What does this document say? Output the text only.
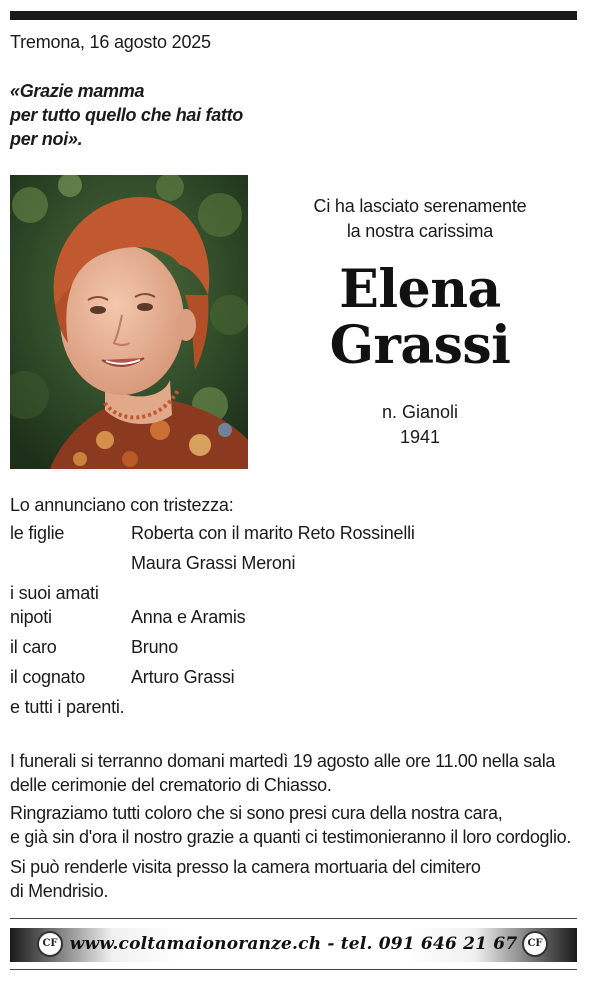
Tremona, 16 agosto 2025
«Grazie mamma
per tutto quello che hai fatto
per noi».
Ci ha lasciato serenamente
la nostra carissima
Elena
Grassi
n. Gianoli
1941
Lo annunciano con tristezza:
le figlie	Roberta con il marito Reto Rossinelli
Maura Grassi Meroni
i suoi amati
nipoti	Anna e Aramis
il caro	Bruno
il cognato	Arturo Grassi
e tutti i parenti.
I funerali si terranno domani martedì 19 agosto alle ore 11.00 nella sala
delle cerimonie del crematorio di Chiasso.
Ringraziamo tutti coloro che si sono presi cura della nostra cara,
e già sin d'ora il nostro grazie a quanti ci testimonieranno il loro cordoglio.
Si può renderle visita presso la camera mortuaria del cimitero
di Mendrisio.
CF www.coltamaionoranze.ch - tel. 091 646 21 67	CF
